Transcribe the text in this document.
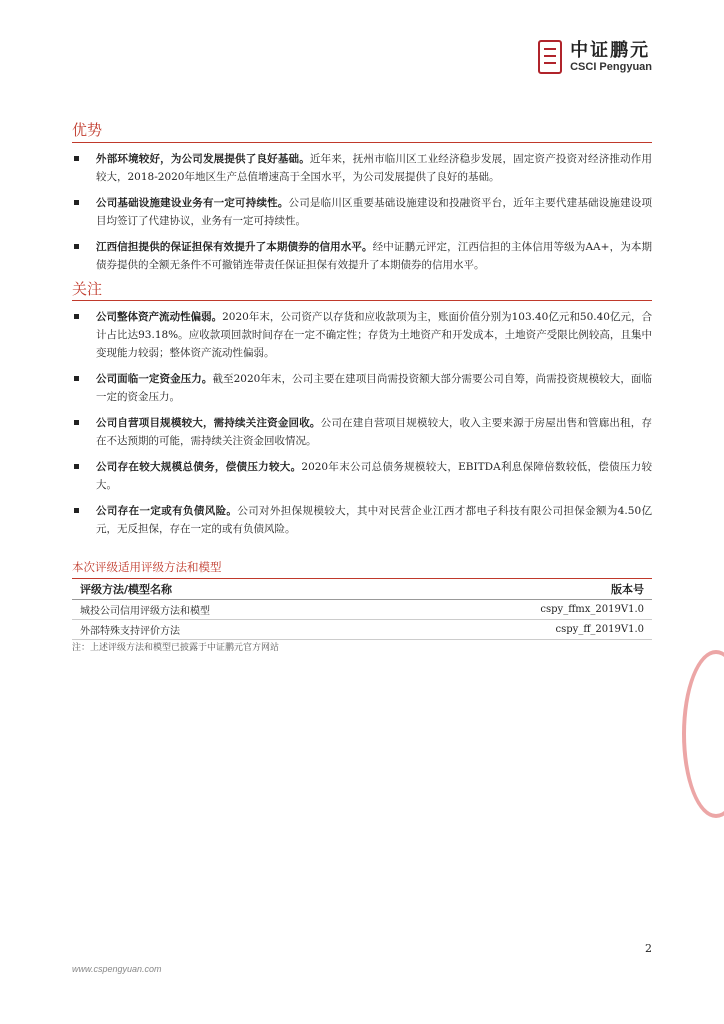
中证鹏元
CSCI Pengyuan
优势
外部环境较好，为公司发展提供了良好基础。近年来，抚州市临川区工业经济稳步发展，固定资产投资对经济推动作用较大，2018-2020年地区生产总值增速高于全国水平，为公司发展提供了良好的基础。
公司基础设施建设业务有一定可持续性。公司是临川区重要基础设施建设和投融资平台，近年主要代建基础设施建设项目均签订了代建协议，业务有一定可持续性。
江西信担提供的保证担保有效提升了本期债券的信用水平。经中证鹏元评定，江西信担的主体信用等级为AA+，为本期债券提供的全额无条件不可撤销连带责任保证担保有效提升了本期债券的信用水平。
关注
公司整体资产流动性偏弱。2020年末，公司资产以存货和应收款项为主，账面价值分别为103.40亿元和50.40亿元，合计占比达93.18%。应收款项回款时间存在一定不确定性；存货为土地资产和开发成本，土地资产受限比例较高，且集中变现能力较弱；整体资产流动性偏弱。
公司面临一定资金压力。截至2020年末，公司主要在建项目尚需投资额大部分需要公司自筹，尚需投资规模较大，面临一定的资金压力。
公司自营项目规模较大，需持续关注资金回收。公司在建自营项目规模较大，收入主要来源于房屋出售和管廊出租，存在不达预期的可能，需持续关注资金回收情况。
公司存在较大规模总债务，偿债压力较大。2020年末公司总债务规模较大，EBITDA利息保障倍数较低，偿债压力较大。
公司存在一定或有负债风险。公司对外担保规模较大，其中对民营企业江西才都电子科技有限公司担保金额为4.50亿元，无反担保，存在一定的或有负债风险。
本次评级适用评级方法和模型
评级方法/模型名称	版本号
城投公司信用评级方法和模型	cspy_ffmx_2019V1.0
外部特殊支持评价方法	cspy_ff_2019V1.0
注：上述评级方法和模型已披露于中证鹏元官方网站
2
www.cspengyuan.com
